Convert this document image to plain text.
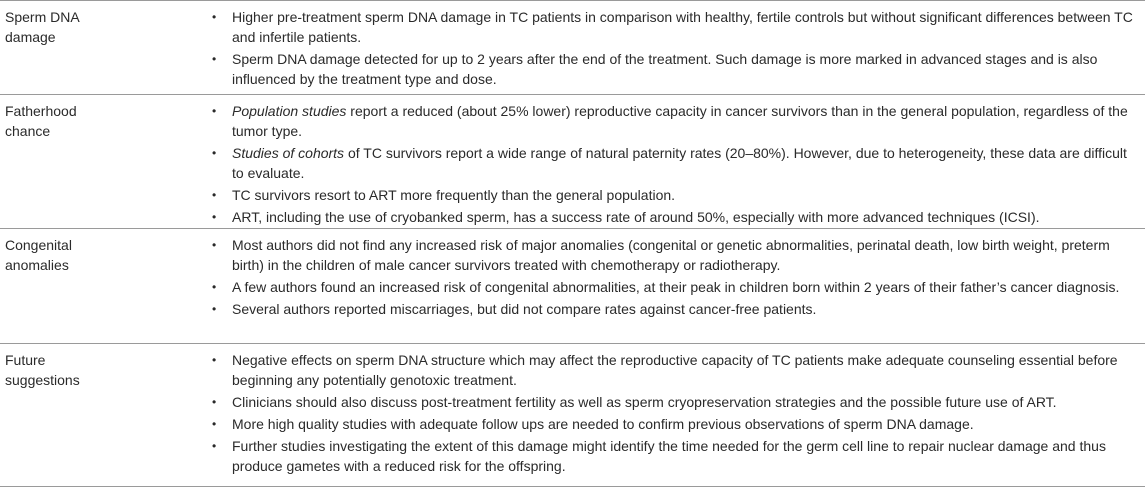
Sperm DNA
damage

• Higher pre-treatment sperm DNA damage in TC patients in comparison with healthy, fertile controls but without significant differences between TC and infertile patients.
• Sperm DNA damage detected for up to 2 years after the end of the treatment. Such damage is more marked in advanced stages and is also influenced by the treatment type and dose.

Fatherhood
chance

• Population studies report a reduced (about 25% lower) reproductive capacity in cancer survivors than in the general population, regardless of the tumor type.
• Studies of cohorts of TC survivors report a wide range of natural paternity rates (20–80%). However, due to heterogeneity, these data are difficult to evaluate.
• TC survivors resort to ART more frequently than the general population.
• ART, including the use of cryobanked sperm, has a success rate of around 50%, especially with more advanced techniques (ICSI).

Congenital
anomalies

• Most authors did not find any increased risk of major anomalies (congenital or genetic abnormalities, perinatal death, low birth weight, preterm birth) in the children of male cancer survivors treated with chemotherapy or radiotherapy.
• A few authors found an increased risk of congenital abnormalities, at their peak in children born within 2 years of their father’s cancer diagnosis.
• Several authors reported miscarriages, but did not compare rates against cancer-free patients.

Future
suggestions

• Negative effects on sperm DNA structure which may affect the reproductive capacity of TC patients make adequate counseling essential before beginning any potentially genotoxic treatment.
• Clinicians should also discuss post-treatment fertility as well as sperm cryopreservation strategies and the possible future use of ART.
• More high quality studies with adequate follow ups are needed to confirm previous observations of sperm DNA damage.
• Further studies investigating the extent of this damage might identify the time needed for the germ cell line to repair nuclear damage and thus produce gametes with a reduced risk for the offspring.
